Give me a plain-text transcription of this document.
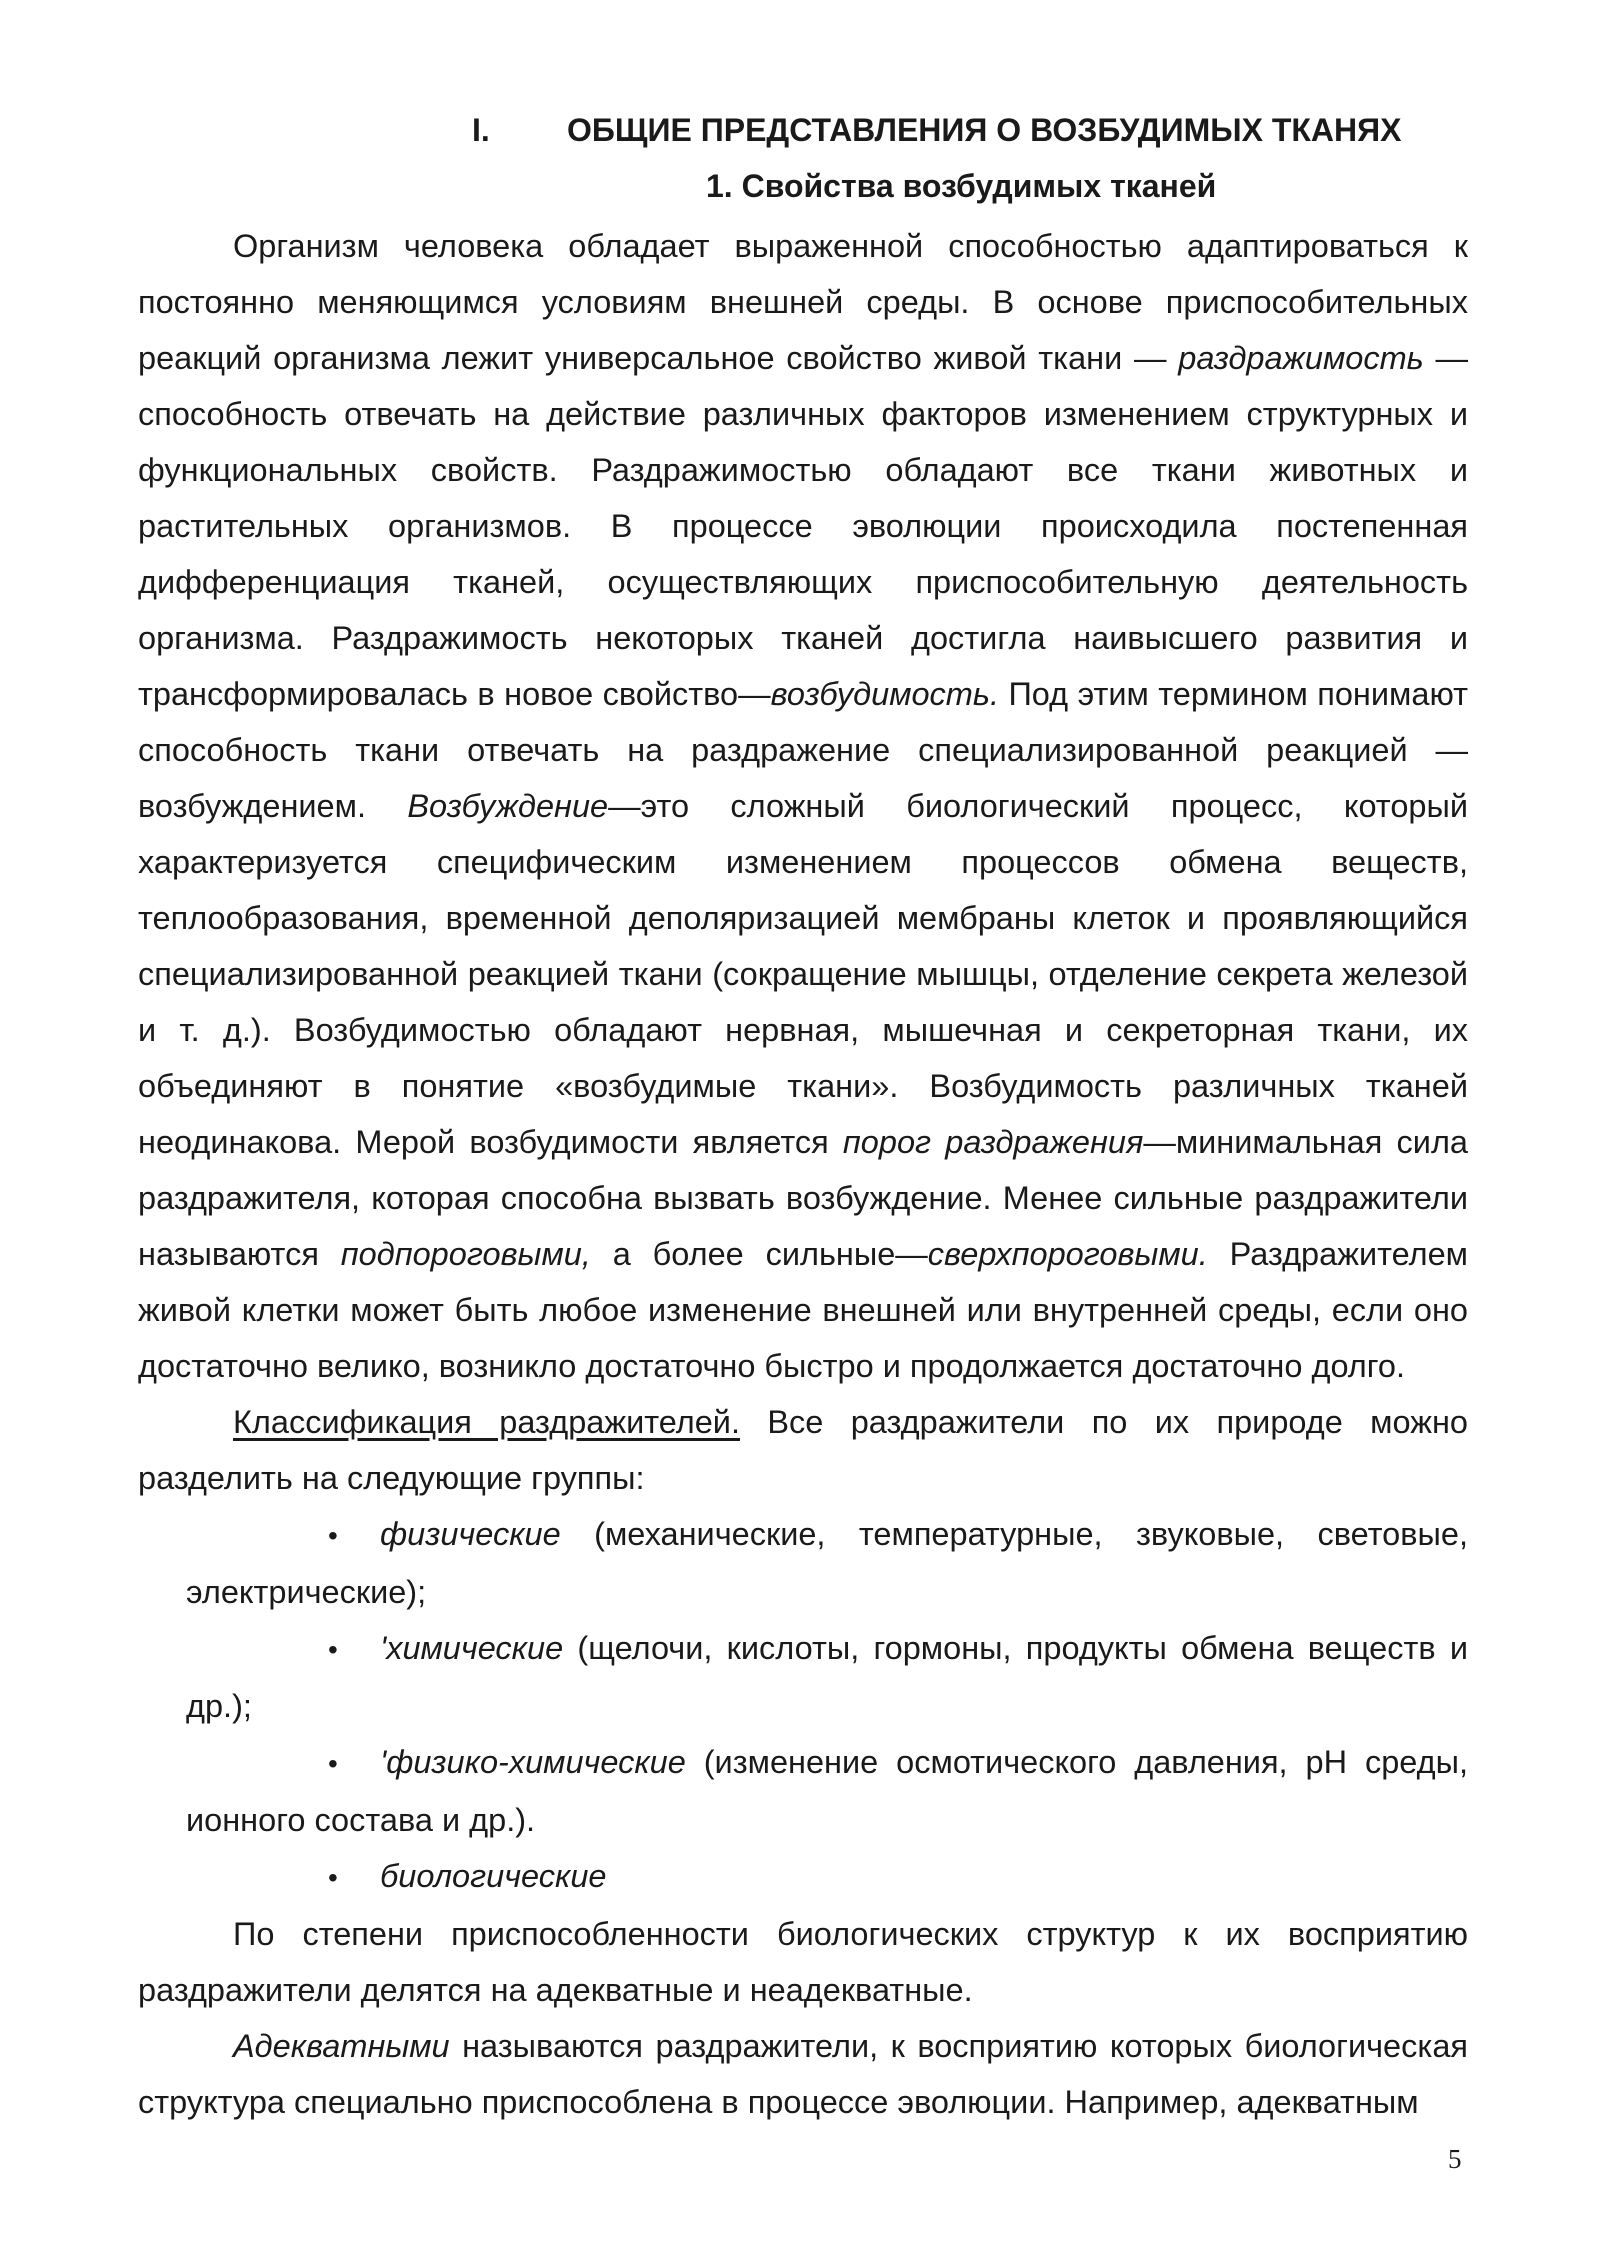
I. ОБЩИЕ ПРЕДСТАВЛЕНИЯ О ВОЗБУДИМЫХ ТКАНЯХ
1. Свойства возбудимых тканей

Организм человека обладает выраженной способностью адаптироваться к постоянно меняющимся условиям внешней среды. В основе приспособительных реакций организма лежит универсальное свойство живой ткани — раздражимость — способность отвечать на действие различных факторов изменением структурных и функциональных свойств. Раздражимостью обладают все ткани животных и растительных организмов. В процессе эволюции происходила постепенная дифференциация тканей, осуществляющих приспособительную деятельность организма. Раздражимость некоторых тканей достигла наивысшего развития и трансформировалась в новое свойство—возбудимость. Под этим термином понимают способность ткани отвечать на раздражение специализированной реакцией — возбуждением. Возбуждение—это сложный биологический процесс, который характеризуется специфическим изменением процессов обмена веществ, теплообразования, временной деполяризацией мембраны клеток и проявляющийся специализированной реакцией ткани (сокращение мышцы, отделение секрета железой и т. д.). Возбудимостью обладают нервная, мышечная и секреторная ткани, их объединяют в понятие «возбудимые ткани». Возбудимость различных тканей неодинакова. Мерой возбудимости является порог раздражения—минимальная сила раздражителя, которая способна вызвать возбуждение. Менее сильные раздражители называются подпороговыми, а более сильные—сверхпороговыми. Раздражителем живой клетки может быть любое изменение внешней или внутренней среды, если оно достаточно велико, возникло достаточно быстро и продолжается достаточно долго.

Классификация раздражителей. Все раздражители по их природе можно разделить на следующие группы:

• физические (механические, температурные, звуковые, световые, электрические);
• 'химические (щелочи, кислоты, гормоны, продукты обмена веществ и др.);
• 'физико-химические (изменение осмотического давления, pH среды, ионного состава и др.).
• биологические

По степени приспособленности биологических структур к их восприятию раздражители делятся на адекватные и неадекватные.

Адекватными называются раздражители, к восприятию которых биологическая структура специально приспособлена в процессе эволюции. Например, адекватным

5
